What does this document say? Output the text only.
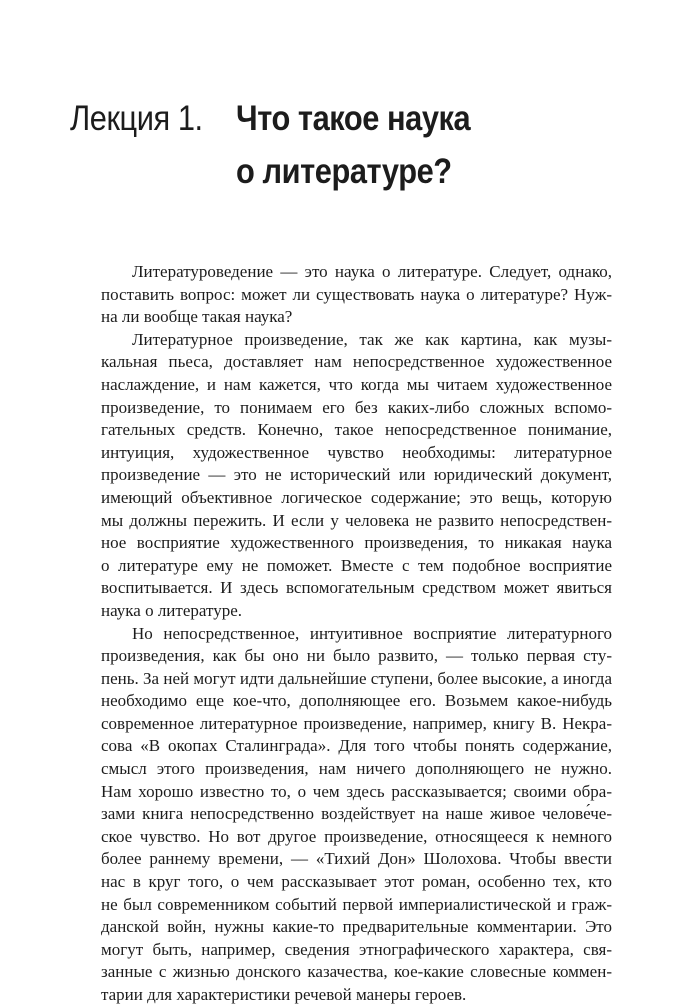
Лекция 1. Что такое наука
о литературе?
Литературоведение — это наука о литературе. Следует, однако,
поставить вопрос: может ли существовать наука о литературе? Нуж-
на ли вообще такая наука?
Литературное произведение, так же как картина, как музы-
кальная пьеса, доставляет нам непосредственное художественное
наслаждение, и нам кажется, что когда мы читаем художественное
произведение, то понимаем его без каких-либо сложных вспомо-
гательных средств. Конечно, такое непосредственное понимание,
интуиция, художественное чувство необходимы: литературное
произведение — это не исторический или юридический документ,
имеющий объективное логическое содержание; это вещь, которую
мы должны пережить. И если у человека не развито непосредствен-
ное восприятие художественного произведения, то никакая наука
о литературе ему не поможет. Вместе с тем подобное восприятие
воспитывается. И здесь вспомогательным средством может явиться
наука о литературе.
Но непосредственное, интуитивное восприятие литературного
произведения, как бы оно ни было развито, — только первая сту-
пень. За ней могут идти дальнейшие ступени, более высокие, а иногда
необходимо еще кое-что, дополняющее его. Возьмем какое-нибудь
современное литературное произведение, например, книгу В. Некра-
сова «В окопах Сталинграда». Для того чтобы понять содержание,
смысл этого произведения, нам ничего дополняющего не нужно.
Нам хорошо известно то, о чем здесь рассказывается; своими обра-
зами книга непосредственно воздействует на наше живое челове́че-
ское чувство. Но вот другое произведение, относящееся к немного
более раннему времени, — «Тихий Дон» Шолохова. Чтобы ввести
нас в круг того, о чем рассказывает этот роман, особенно тех, кто
не был современником событий первой империалистической и граж-
данской войн, нужны какие-то предварительные комментарии. Это
могут быть, например, сведения этнографического характера, свя-
занные с жизнью донского казачества, кое-какие словесные коммен-
тарии для характеристики речевой манеры героев.
